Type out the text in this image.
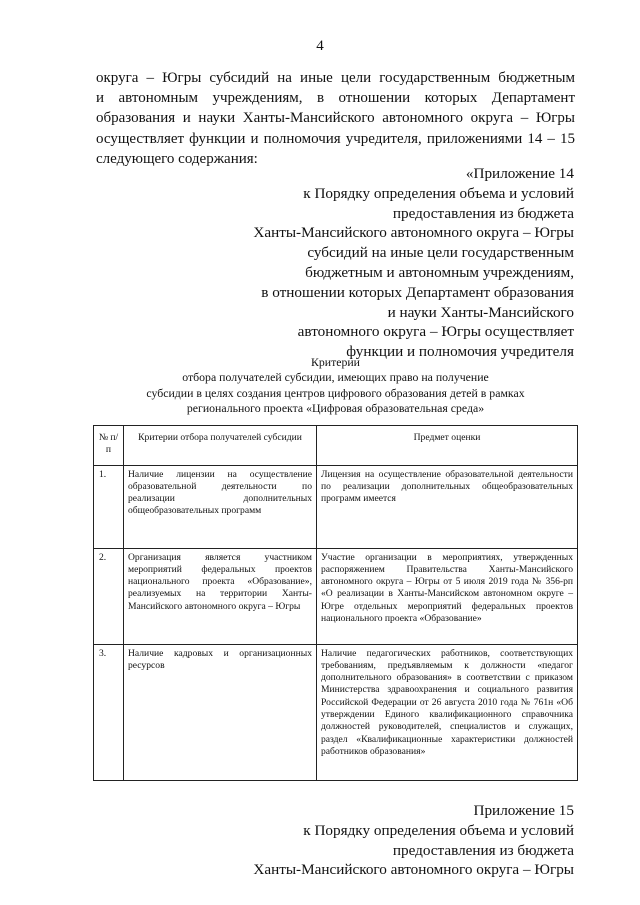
4

округа – Югры субсидий на иные цели государственным бюджетным
и автономным учреждениям, в отношении которых Департамент
образования и науки Ханты-Мансийского автономного округа – Югры
осуществляет функции и полномочия учредителя, приложениями 14 – 15
следующего содержания:

«Приложение 14
к Порядку определения объема и условий
предоставления из бюджета
Ханты-Мансийского автономного округа – Югры
субсидий на иные цели государственным
бюджетным и автономным учреждениям,
в отношении которых Департамент образования
и науки Ханты-Мансийского
автономного округа – Югры осуществляет
функции и полномочия учредителя

Критерии
отбора получателей субсидии, имеющих право на получение
субсидии в целях создания центров цифрового образования детей в рамках
регионального проекта «Цифровая образовательная среда»

№ п/п	Критерии отбора получателей субсидии	Предмет оценки
1.	Наличие лицензии на осуществление образовательной деятельности по реализации дополнительных общеобразовательных программ	Лицензия на осуществление образовательной деятельности по реализации дополнительных общеобразовательных программ имеется
2.	Организация является участником мероприятий федеральных проектов национального проекта «Образование», реализуемых на территории Ханты-Мансийского автономного округа – Югры	Участие организации в мероприятиях, утвержденных распоряжением Правительства Ханты-Мансийского автономного округа – Югры от 5 июля 2019 года № 356-рп «О реализации в Ханты-Мансийском автономном округе – Югре отдельных мероприятий федеральных проектов национального проекта «Образование»
3.	Наличие кадровых и организационных ресурсов	Наличие педагогических работников, соответствующих требованиям, предъявляемым к должности «педагог дополнительного образования» в соответствии с приказом Министерства здравоохранения и социального развития Российской Федерации от 26 августа 2010 года № 761н «Об утверждении Единого квалификационного справочника должностей руководителей, специалистов и служащих, раздел «Квалификационные характеристики должностей работников образования»

Приложение 15
к Порядку определения объема и условий
предоставления из бюджета
Ханты-Мансийского автономного округа – Югры
